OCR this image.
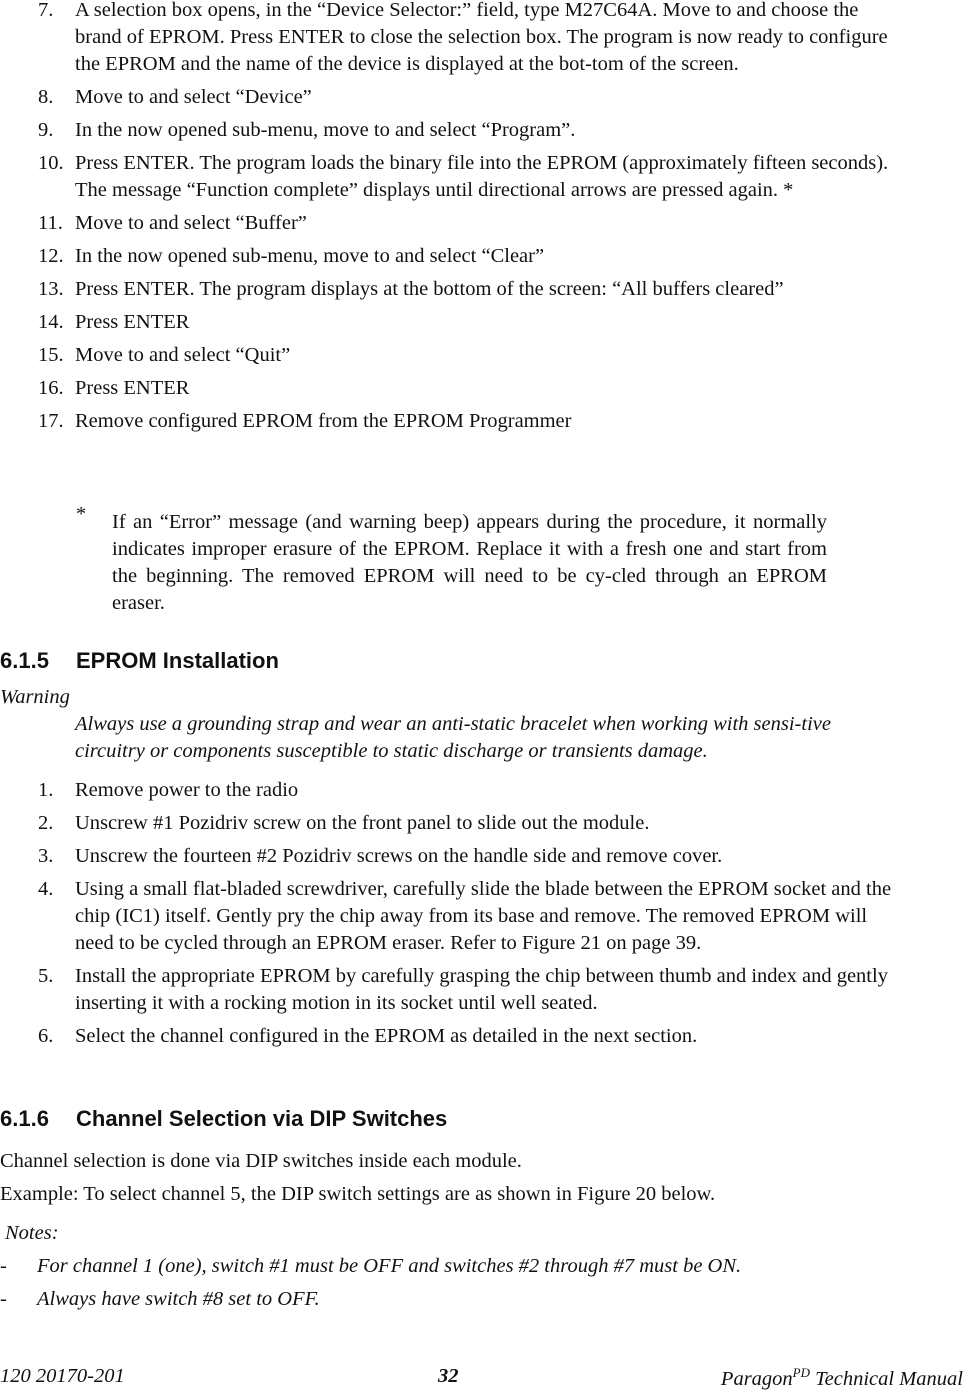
7. A selection box opens, in the “Device Selector:” field, type M27C64A. Move to and choose the brand of EPROM. Press ENTER to close the selection box. The program is now ready to configure the EPROM and the name of the device is displayed at the bot-tom of the screen.
8. Move to and select “Device”
9. In the now opened sub-menu, move to and select “Program”.
10. Press ENTER. The program loads the binary file into the EPROM (approximately fifteen seconds). The message “Function complete” displays until directional arrows are pressed again. *
11. Move to and select “Buffer”
12. In the now opened sub-menu, move to and select “Clear”
13. Press ENTER. The program displays at the bottom of the screen: “All buffers cleared”
14. Press ENTER
15. Move to and select “Quit”
16. Press ENTER
17. Remove configured EPROM from the EPROM Programmer
* If an “Error” message (and warning beep) appears during the procedure, it normally indicates improper erasure of the EPROM. Replace it with a fresh one and start from the beginning. The removed EPROM will need to be cy-cled through an EPROM eraser.
6.1.5 EPROM Installation
Warning
Always use a grounding strap and wear an anti-static bracelet when working with sensi-tive circuitry or components susceptible to static discharge or transients damage.
1. Remove power to the radio
2. Unscrew #1 Pozidriv screw on the front panel to slide out the module.
3. Unscrew the fourteen #2 Pozidriv screws on the handle side and remove cover.
4. Using a small flat-bladed screwdriver, carefully slide the blade between the EPROM socket and the chip (IC1) itself. Gently pry the chip away from its base and remove. The removed EPROM will need to be cycled through an EPROM eraser. Refer to Figure 21 on page 39.
5. Install the appropriate EPROM by carefully grasping the chip between thumb and index and gently inserting it with a rocking motion in its socket until well seated.
6. Select the channel configured in the EPROM as detailed in the next section.
6.1.6 Channel Selection via DIP Switches
Channel selection is done via DIP switches inside each module.
Example: To select channel 5, the DIP switch settings are as shown in Figure 20 below.
Notes:
- For channel 1 (one), switch #1 must be OFF and switches #2 through #7 must be ON.
- Always have switch #8 set to OFF.
120 20170-201	32	Paragon$^{PD}$ Technical Manual
